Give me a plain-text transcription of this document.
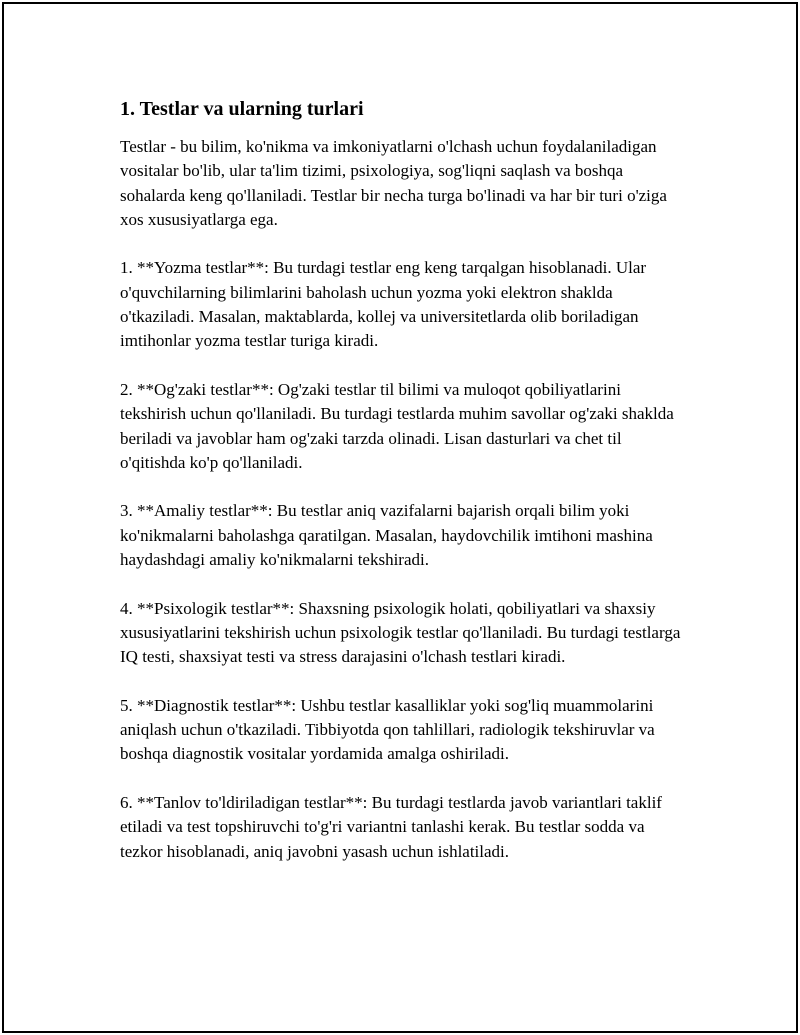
1. Testlar va ularning turlari

Testlar - bu bilim, ko'nikma va imkoniyatlarni o'lchash uchun foydalaniladigan vositalar bo'lib, ular ta'lim tizimi, psixologiya, sog'liqni saqlash va boshqa sohalarda keng qo'llaniladi. Testlar bir necha turga bo'linadi va har bir turi o'ziga xos xususiyatlarga ega.

1. **Yozma testlar**: Bu turdagi testlar eng keng tarqalgan hisoblanadi. Ular o'quvchilarning bilimlarini baholash uchun yozma yoki elektron shaklda o'tkaziladi. Masalan, maktablarda, kollej va universitetlarda olib boriladigan imtihonlar yozma testlar turiga kiradi.

2. **Og'zaki testlar**: Og'zaki testlar til bilimi va muloqot qobiliyatlarini tekshirish uchun qo'llaniladi. Bu turdagi testlarda muhim savollar og'zaki shaklda beriladi va javoblar ham og'zaki tarzda olinadi. Lisan dasturlari va chet til o'qitishda ko'p qo'llaniladi.

3. **Amaliy testlar**: Bu testlar aniq vazifalarni bajarish orqali bilim yoki ko'nikmalarni baholashga qaratilgan. Masalan, haydovchilik imtihoni mashina haydashdagi amaliy ko'nikmalarni tekshiradi.

4. **Psixologik testlar**: Shaxsning psixologik holati, qobiliyatlari va shaxsiy xususiyatlarini tekshirish uchun psixologik testlar qo'llaniladi. Bu turdagi testlarga IQ testi, shaxsiyat testi va stress darajasini o'lchash testlari kiradi.

5. **Diagnostik testlar**: Ushbu testlar kasalliklar yoki sog'liq muammolarini aniqlash uchun o'tkaziladi. Tibbiyotda qon tahlillari, radiologik tekshiruvlar va boshqa diagnostik vositalar yordamida amalga oshiriladi.

6. **Tanlov to'ldiriladigan testlar**: Bu turdagi testlarda javob variantlari taklif etiladi va test topshiruvchi to'g'ri variantni tanlashi kerak. Bu testlar sodda va tezkor hisoblanadi, aniq javobni yasash uchun ishlatiladi.
